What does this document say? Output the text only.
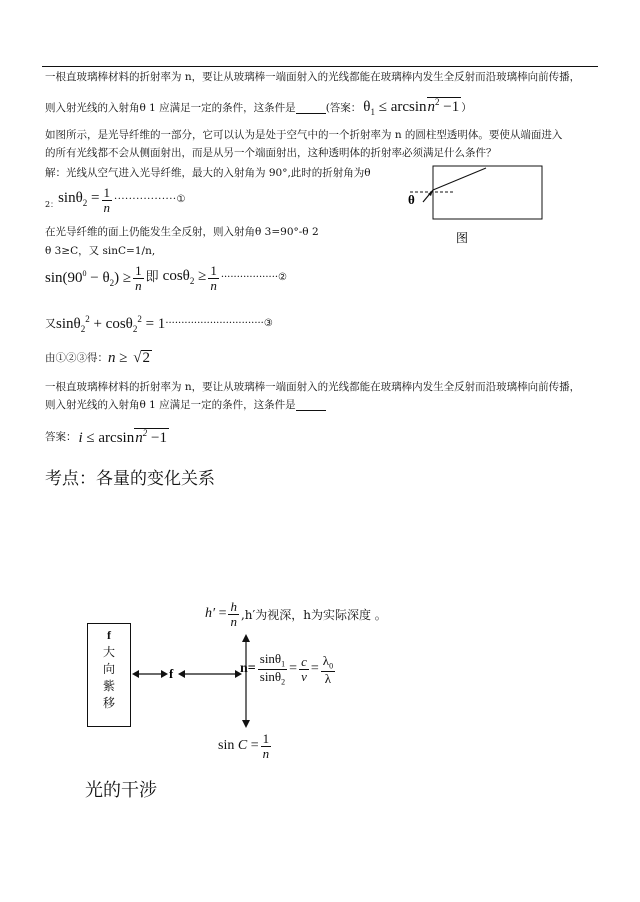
一根直玻璃棒材料的折射率为 n，要让从玻璃棒一端面射入的光线都能在玻璃棒内发生全反射而沿玻璃棒向前传播，
则入射光线的入射角θ 1 应满足一定的条件，这条件是	(答案： $\theta_1 \le \arcsin n^2 -1$ ）
如图所示，是光导纤维的一部分，它可以认为是处于空气中的一个折射率为 n 的圆柱型透明体。要使从端面进入
的所有光线都不会从侧面射出，而是从另一个端面射出，这种透明体的折射率必须满足什么条件？
解：光线从空气进入光导纤维，最大的入射角为 90°,此时的折射角为θ
2： $\sin\theta_2 = \frac{1}{n}$ ·················①
在光导纤维的面上仍能发生全反射，则入射角θ 3=90°-θ 2
θ 3≥C，又 sinC=1/n,
$\sin(90^0 - \theta_2) \ge \frac{1}{n}$ 即 $\cos\theta_2 \ge \frac{1}{n}$ ··················②
又 sinθ$_2^2$ + cosθ$_2^2$ = 1 ·······························③
由①②③得： n ≥ √2
θ
图
一根直玻璃棒材料的折射率为 n，要让从玻璃棒一端面射入的光线都能在玻璃棒内发生全反射而沿玻璃棒向前传播，
则入射光线的入射角θ 1 应满足一定的条件，这条件是
答案： i ≤ arcsinn$^2$ −1
考点：各量的变化关系
$h' = \frac{h}{n} ,h'$为视深，h为实际深度 。
f
大
向
紫
移
f	$n= \frac{\sin\theta_1}{\sin\theta_2} = \frac{c}{v} = \frac{\lambda_0}{\lambda}$
$\sin C = \frac{1}{n}$
光的干涉
